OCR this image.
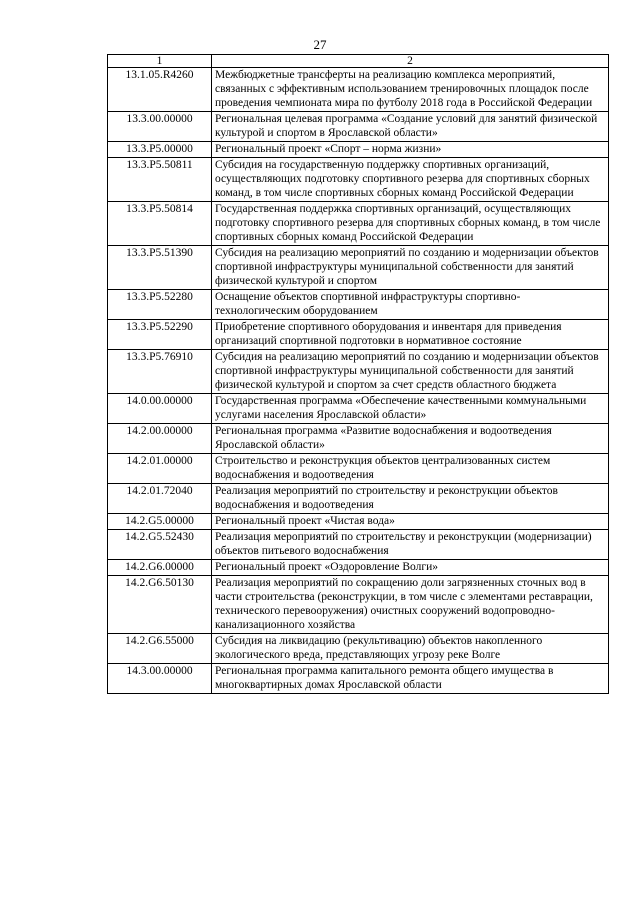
27
1	2
13.1.05.R4260	Межбюджетные трансферты на реализацию комплекса мероприятий, связанных с эффективным использованием тренировочных площадок после проведения чемпионата мира по футболу 2018 года в Российской Федерации
13.3.00.00000	Региональная целевая программа «Создание условий для занятий физической культурой и спортом в Ярославской области»
13.3.P5.00000	Региональный проект «Спорт – норма жизни»
13.3.P5.50811	Субсидия на государственную поддержку спортивных организаций, осуществляющих подготовку спортивного резерва для спортивных сборных команд, в том числе спортивных сборных команд Российской Федерации
13.3.P5.50814	Государственная поддержка спортивных организаций, осуществляющих подготовку спортивного резерва для спортивных сборных команд, в том числе спортивных сборных команд Российской Федерации
13.3.P5.51390	Субсидия на реализацию мероприятий по созданию и модернизации объектов спортивной инфраструктуры муниципальной собственности для занятий физической культурой и спортом
13.3.P5.52280	Оснащение объектов спортивной инфраструктуры спортивно-технологическим оборудованием
13.3.P5.52290	Приобретение спортивного оборудования и инвентаря для приведения организаций спортивной подготовки в нормативное состояние
13.3.P5.76910	Субсидия на реализацию мероприятий по созданию и модернизации объектов спортивной инфраструктуры муниципальной собственности для занятий физической культурой и спортом за счет средств областного бюджета
14.0.00.00000	Государственная программа «Обеспечение качественными коммунальными услугами населения Ярославской области»
14.2.00.00000	Региональная программа «Развитие водоснабжения и водоотведения Ярославской области»
14.2.01.00000	Строительство и реконструкция объектов централизованных систем водоснабжения и водоотведения
14.2.01.72040	Реализация мероприятий по строительству и реконструкции объектов водоснабжения и водоотведения
14.2.G5.00000	Региональный проект «Чистая вода»
14.2.G5.52430	Реализация мероприятий по строительству и реконструкции (модернизации) объектов питьевого водоснабжения
14.2.G6.00000	Региональный проект «Оздоровление Волги»
14.2.G6.50130	Реализация мероприятий по сокращению доли загрязненных сточных вод в части строительства (реконструкции, в том числе с элементами реставрации, технического перевооружения) очистных сооружений водопроводно-канализационного хозяйства
14.2.G6.55000	Субсидия на ликвидацию (рекультивацию) объектов накопленного экологического вреда, представляющих угрозу реке Волге
14.3.00.00000	Региональная программа капитального ремонта общего имущества в многоквартирных домах Ярославской области
